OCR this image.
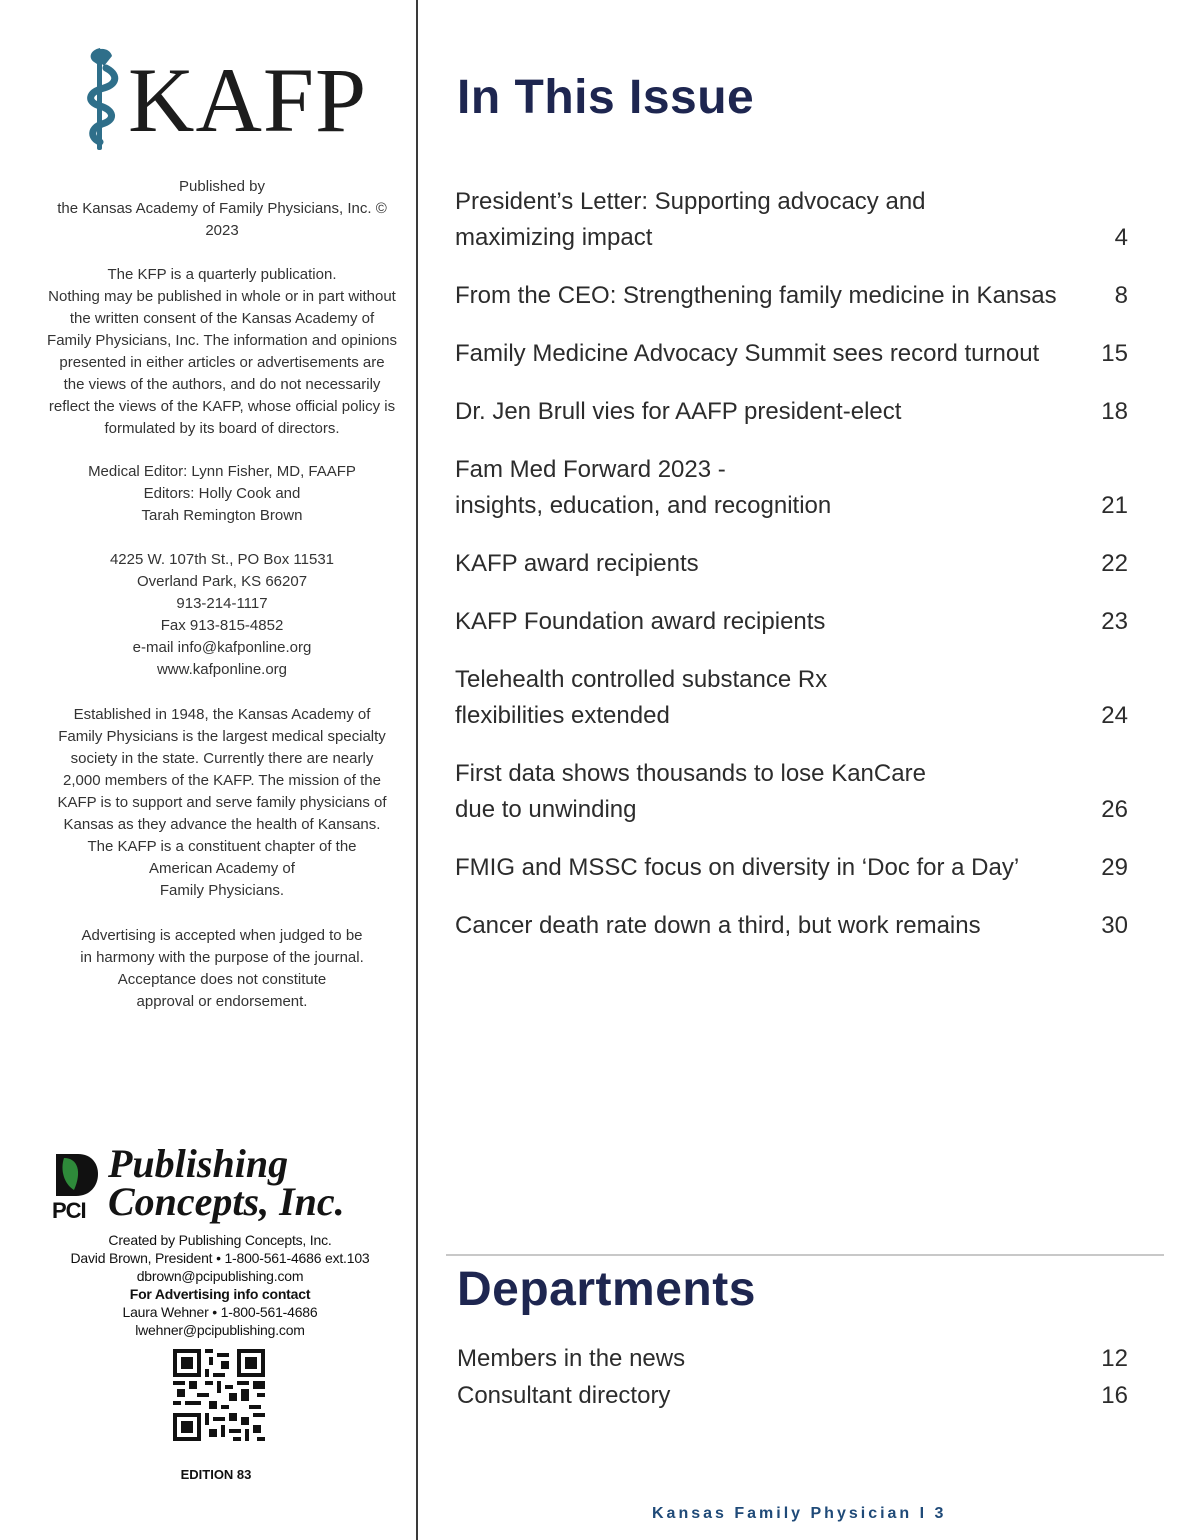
KAFP
Published by
the Kansas Academy of Family Physicians, Inc. ©
2023
The KFP is a quarterly publication.
Nothing may be published in whole or in part without
the written consent of the Kansas Academy of
Family Physicians, Inc. The information and opinions
presented in either articles or advertisements are
the views of the authors, and do not necessarily
reflect the views of the KAFP, whose official policy is
formulated by its board of directors.
Medical Editor: Lynn Fisher, MD, FAAFP
Editors: Holly Cook and
Tarah Remington Brown
4225 W. 107th St., PO Box 11531
Overland Park, KS 66207
913-214-1117
Fax 913-815-4852
e-mail info@kafponline.org
www.kafponline.org
Established in 1948, the Kansas Academy of
Family Physicians is the largest medical specialty
society in the state. Currently there are nearly
2,000 members of the KAFP. The mission of the
KAFP is to support and serve family physicians of
Kansas as they advance the health of Kansans.
The KAFP is a constituent chapter of the
American Academy of
Family Physicians.
Advertising is accepted when judged to be
in harmony with the purpose of the journal.
Acceptance does not constitute
approval or endorsement.
PCI
Publishing
Concepts, Inc.
Created by Publishing Concepts, Inc.
David Brown, President • 1-800-561-4686 ext.103
dbrown@pcipublishing.com
For Advertising info contact
Laura Wehner • 1-800-561-4686
lwehner@pcipublishing.com
EDITION 83
In This Issue
President’s Letter: Supporting advocacy and
maximizing impact	4
From the CEO: Strengthening family medicine in Kansas 8
Family Medicine Advocacy Summit sees record turnout	15
Dr. Jen Brull vies for AAFP president-elect	18
Fam Med Forward 2023 -
insights, education, and recognition	21
KAFP award recipients	22
KAFP Foundation award recipients	23
Telehealth controlled substance Rx
flexibilities extended	24
First data shows thousands to lose KanCare
due to unwinding	26
FMIG and MSSC focus on diversity in ‘Doc for a Day’	29
Cancer death rate down a third, but work remains	30
Departments
Members in the news	12
Consultant directory	16
Kansas Family Physician I 3
